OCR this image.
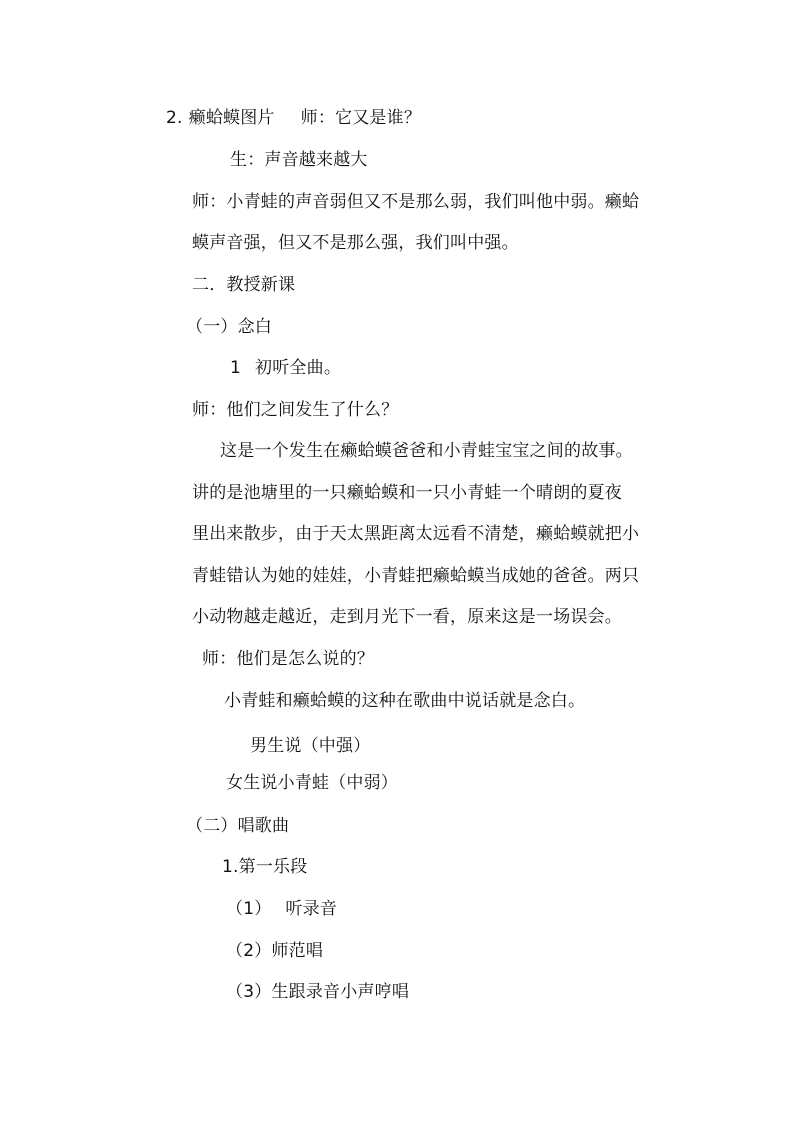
2. 癞蛤蟆图片 师：它又是谁？
生：声音越来越大
师：小青蛙的声音弱但又不是那么弱，我们叫他中弱。癞蛤
蟆声音强，但又不是那么强，我们叫中强。
二．教授新课
（一）念白
1 初听全曲。
师：他们之间发生了什么？
这是一个发生在癞蛤蟆爸爸和小青蛙宝宝之间的故事。
讲的是池塘里的一只癞蛤蟆和一只小青蛙一个晴朗的夏夜
里出来散步，由于天太黑距离太远看不清楚，癞蛤蟆就把小
青蛙错认为她的娃娃，小青蛙把癞蛤蟆当成她的爸爸。两只
小动物越走越近，走到月光下一看，原来这是一场误会。
师：他们是怎么说的？
小青蛙和癞蛤蟆的这种在歌曲中说话就是念白。
男生说（中强）
女生说小青蛙（中弱）
（二）唱歌曲
1.第一乐段
（1） 听录音
（2）师范唱
（3）生跟录音小声哼唱
